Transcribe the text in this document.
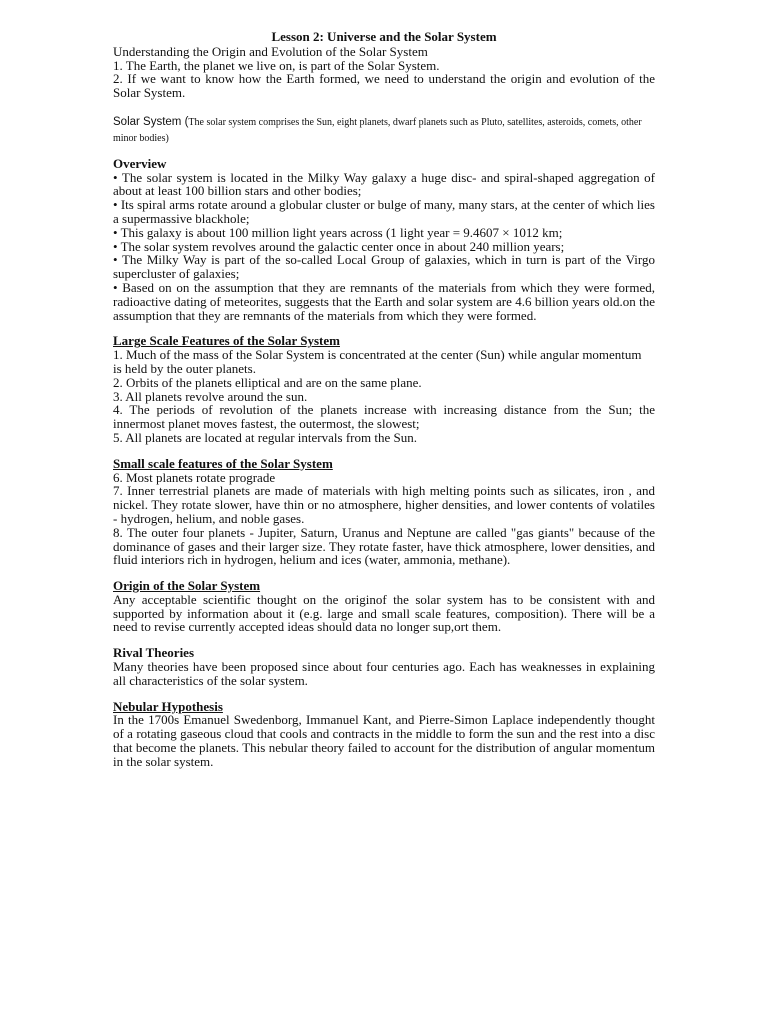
Lesson 2: Universe and the Solar System

Understanding the Origin and Evolution of the Solar System

1. The Earth, the planet we live on, is part of the Solar System.

2. If we want to know how the Earth formed, we need to understand the origin and evolution of the Solar System.

Solar System (The solar system comprises the Sun, eight planets, dwarf planets such as Pluto, satellites, asteroids, comets, other minor bodies)

Overview

• The solar system is located in the Milky Way galaxy a huge disc- and spiral-shaped aggregation of about at least 100 billion stars and other bodies;

• Its spiral arms rotate around a globular cluster or bulge of many, many stars, at the center of which lies a supermassive blackhole;

• This galaxy is about 100 million light years across (1 light year = 9.4607 × 1012 km;

• The solar system revolves around the galactic center once in about 240 million years;

• The Milky Way is part of the so-called Local Group of galaxies, which in turn is part of the Virgo supercluster of galaxies;

• Based on on the assumption that they are remnants of the materials from which they were formed, radioactive dating of meteorites, suggests that the Earth and solar system are 4.6 billion years old.on the assumption that they are remnants of the materials from which they were formed.

Large Scale Features of the Solar System

1. Much of the mass of the Solar System is concentrated at the center (Sun) while angular momentum

is held by the outer planets.

2. Orbits of the planets elliptical and are on the same plane.

3. All planets revolve around the sun.

4. The periods of revolution of the planets increase with increasing distance from the Sun; the innermost planet moves fastest, the outermost, the slowest;

5. All planets are located at regular intervals from the Sun.

Small scale features of the Solar System

6. Most planets rotate prograde

7. Inner terrestrial planets are made of materials with high melting points such as silicates, iron , and nickel. They rotate slower, have thin or no atmosphere, higher densities, and lower contents of volatiles - hydrogen, helium, and noble gases.

8. The outer four planets - Jupiter, Saturn, Uranus and Neptune are called "gas giants" because of the dominance of gases and their larger size. They rotate faster, have thick atmosphere, lower densities, and fluid interiors rich in hydrogen, helium and ices (water, ammonia, methane).

Origin of the Solar System

Any acceptable scientific thought on the originof the solar system has to be consistent with and supported by information about it (e.g. large and small scale features, composition). There will be a need to revise currently accepted ideas should data no longer sup,ort them.

Rival Theories

Many theories have been proposed since about four centuries ago. Each has weaknesses in explaining all characteristics of the solar system.

Nebular Hypothesis

In the 1700s Emanuel Swedenborg, Immanuel Kant, and Pierre-Simon Laplace independently thought of a rotating gaseous cloud that cools and contracts in the middle to form the sun and the rest into a disc that become the planets. This nebular theory failed to account for the distribution of angular momentum in the solar system.
